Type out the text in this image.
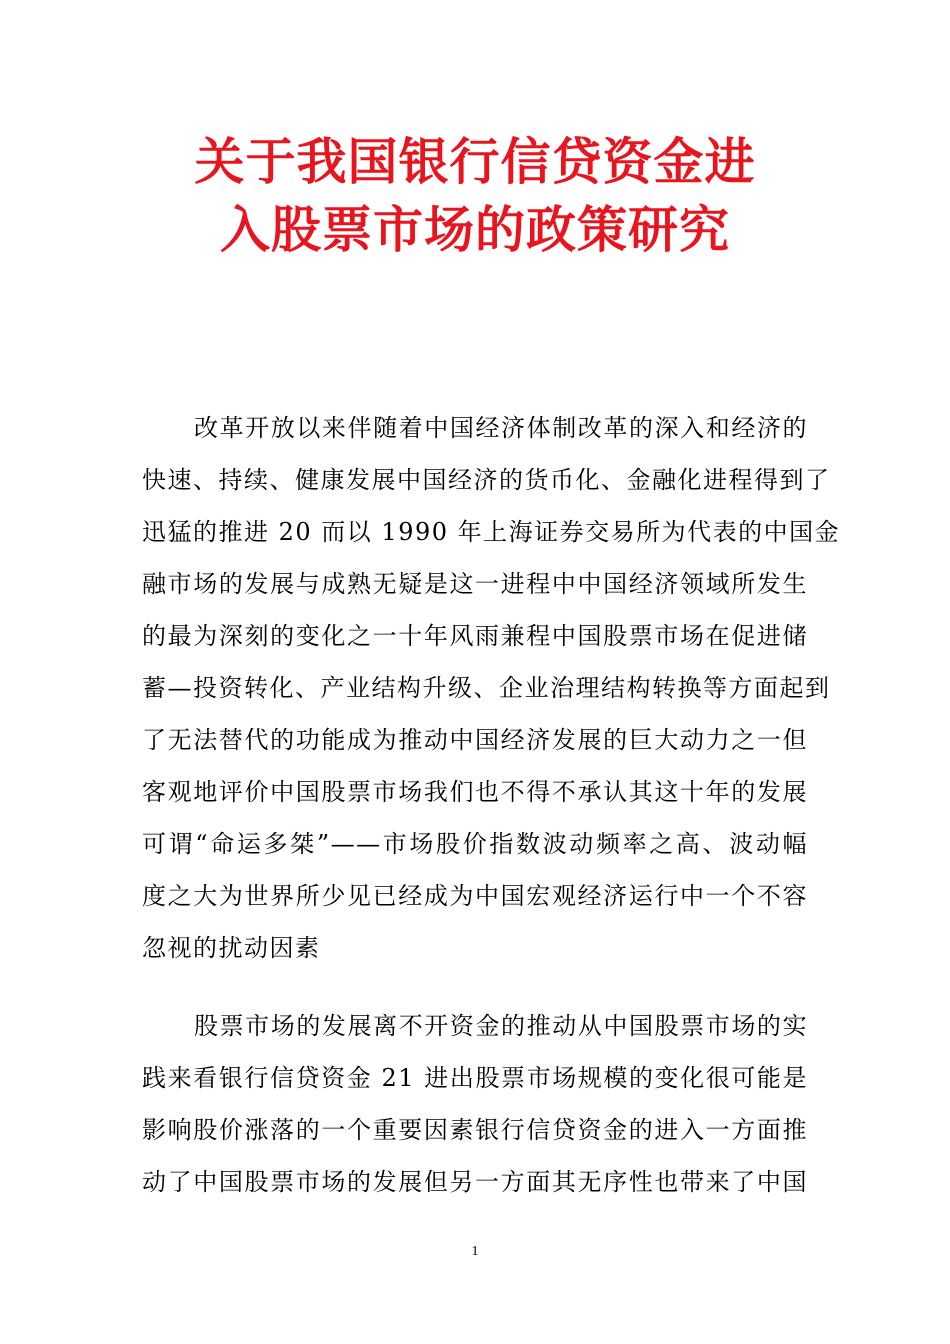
关于我国银行信贷资金进
入股票市场的政策研究
改革开放以来伴随着中国经济体制改革的深入和经济的
快速、持续、健康发展中国经济的货币化、金融化进程得到了
迅猛的推进 20 而以 1990 年上海证券交易所为代表的中国金
融市场的发展与成熟无疑是这一进程中中国经济领域所发生
的最为深刻的变化之一十年风雨兼程中国股票市场在促进储
蓄—投资转化、产业结构升级、企业治理结构转换等方面起到
了无法替代的功能成为推动中国经济发展的巨大动力之一但
客观地评价中国股票市场我们也不得不承认其这十年的发展
可谓“命运多桀”——市场股价指数波动频率之高、波动幅
度之大为世界所少见已经成为中国宏观经济运行中一个不容
忽视的扰动因素
股票市场的发展离不开资金的推动从中国股票市场的实
践来看银行信贷资金 21 进出股票市场规模的变化很可能是
影响股价涨落的一个重要因素银行信贷资金的进入一方面推
动了中国股票市场的发展但另一方面其无序性也带来了中国
1
